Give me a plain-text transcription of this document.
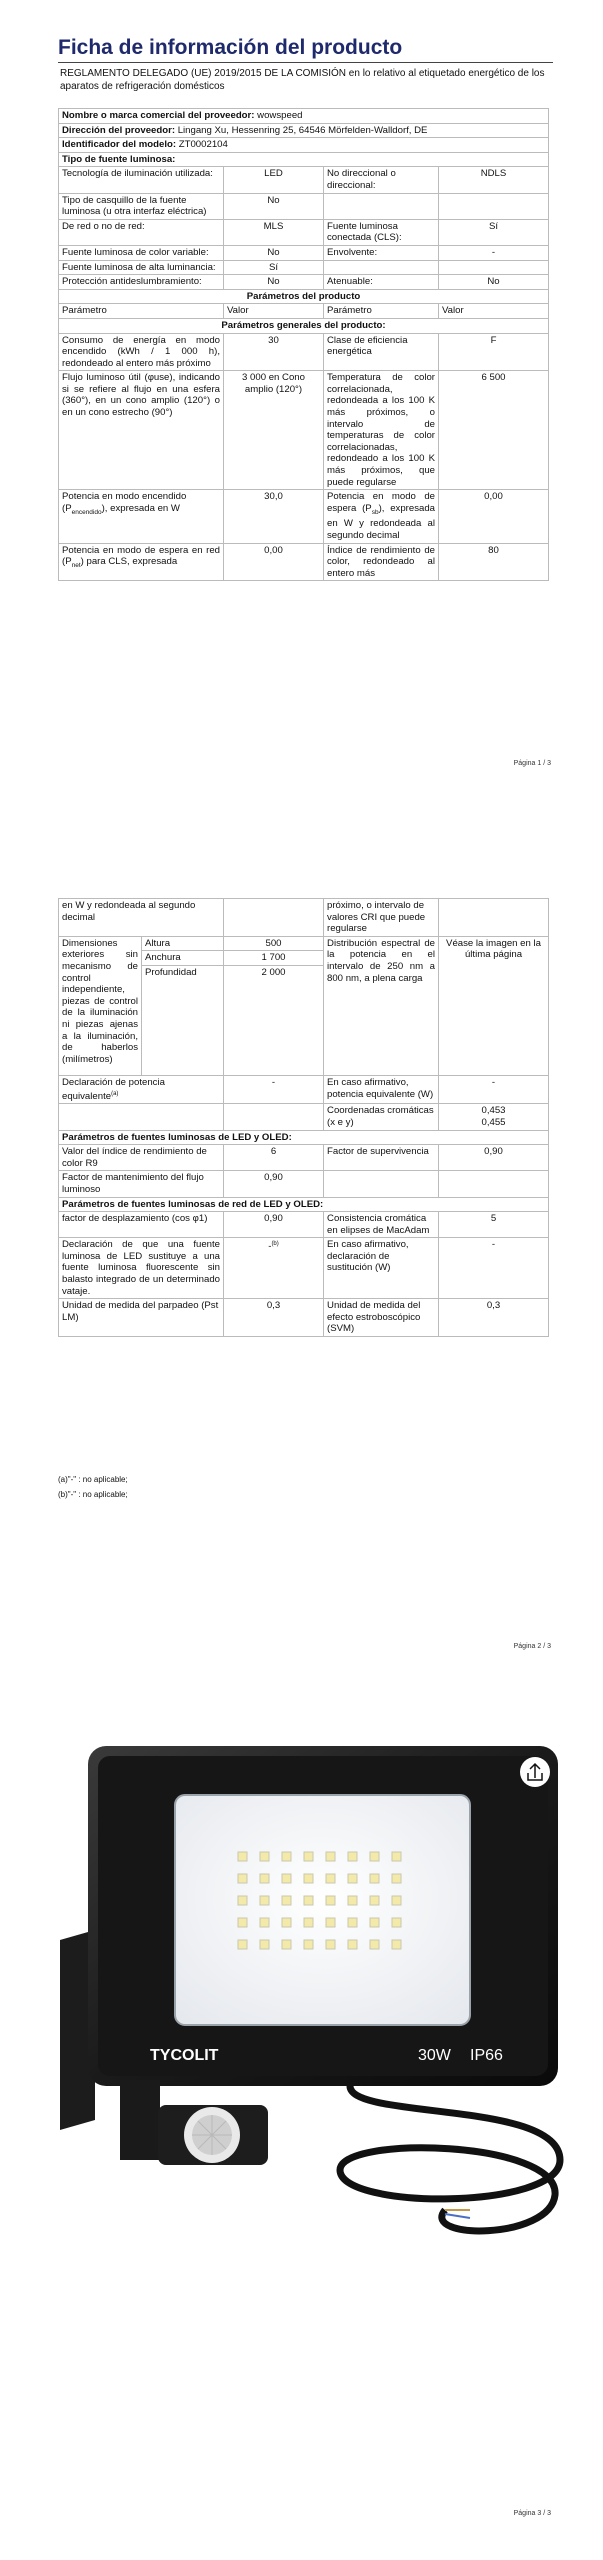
Ficha de información del producto
REGLAMENTO DELEGADO (UE) 2019/2015 DE LA COMISIÓN en lo relativo al etiquetado energético de los aparatos de refrigeración domésticos
Nombre o marca comercial del proveedor: wowspeed			
Dirección del proveedor: Lingang Xu, Hessenring 25, 64546 Mörfelden-Walldorf, DE			
Identificador del modelo: ZT0002104			
Tipo de fuente luminosa:			
Tecnología de iluminación utilizada:	LED	No direccional o direccional:	NDLS
Tipo de casquillo de la fuente luminosa (u otra interfaz eléctrica)	No		
De red o no de red:	MLS	Fuente luminosa conectada (CLS):	Sí
Fuente luminosa de color variable:	No	Envolvente:	-
Fuente luminosa de alta luminancia:	Sí		
Protección antideslumbramiento:	No	Atenuable:	No
Parámetros del producto			
Parámetro	Valor	Parámetro	Valor
Parámetros generales del producto:			
Consumo de energía en modo encendido (kWh / 1 000 h), redondeado al entero más próximo	30	Clase de eficiencia energética	F
Flujo luminoso útil (φuse), indicando si se refiere al flujo en una esfera (360°), en un cono amplio (120°) o en un cono estrecho (90°)	3 000 en Cono amplio (120°)	Temperatura de color correlacionada, redondeada a los 100 K más próximos, o intervalo de temperaturas de color correlacionadas, redondeado a los 100 K más próximos, que puede regularse	6 500
Potencia en modo encendido $(P_{encendido})$, expresada en W	30,0	Potencia en modo de espera $(P_{sb})$, expresada en W y redondeada al segundo decimal	0,00
Potencia en modo de espera en red $(P_{net})$ para CLS, expresada	0,00	Índice de rendimiento de color, redondeado al entero más	80
Página 1 / 3
en W y redondeada al segundo decimal			próximo, o intervalo de valores CRI que puede regularse	
Dimensiones exteriores sin mecanismo de control independiente, piezas de control de la iluminación ni piezas ajenas a la iluminación, de haberlos (milímetros)	Altura	500	Distribución espectral de la potencia en el intervalo de 250 nm a 800 nm, a plena carga	Véase la imagen en la última página
	Anchura	1 700		
	Profundidad	2 000		
Declaración de potencia equivalente$^{(a)}$		-	En caso afirmativo, potencia equivalente (W)	-
			Coordenadas cromáticas (x e y)	0,453
0,455
Parámetros de fuentes luminosas de LED y OLED:				
Valor del índice de rendimiento de color R9		6	Factor de supervivencia	0,90
Factor de mantenimiento del flujo luminoso		0,90		
Parámetros de fuentes luminosas de red de LED y OLED:				
factor de desplazamiento (cos φ1)		0,90	Consistencia cromática en elipses de MacAdam	5
Declaración de que una fuente luminosa de LED sustituye a una fuente luminosa fluorescente sin balasto integrado de un determinado vataje.		-$^{(b)}$	En caso afirmativo, declaración de sustitución (W)	-
Unidad de medida del parpadeo (Pst LM)		0,3	Unidad de medida del efecto estroboscópico (SVM)	0,3
(a)"-" : no aplicable;
(b)"-" : no aplicable;
Página 2 / 3
TYCOLIT	30W IP66
Página 3 / 3
